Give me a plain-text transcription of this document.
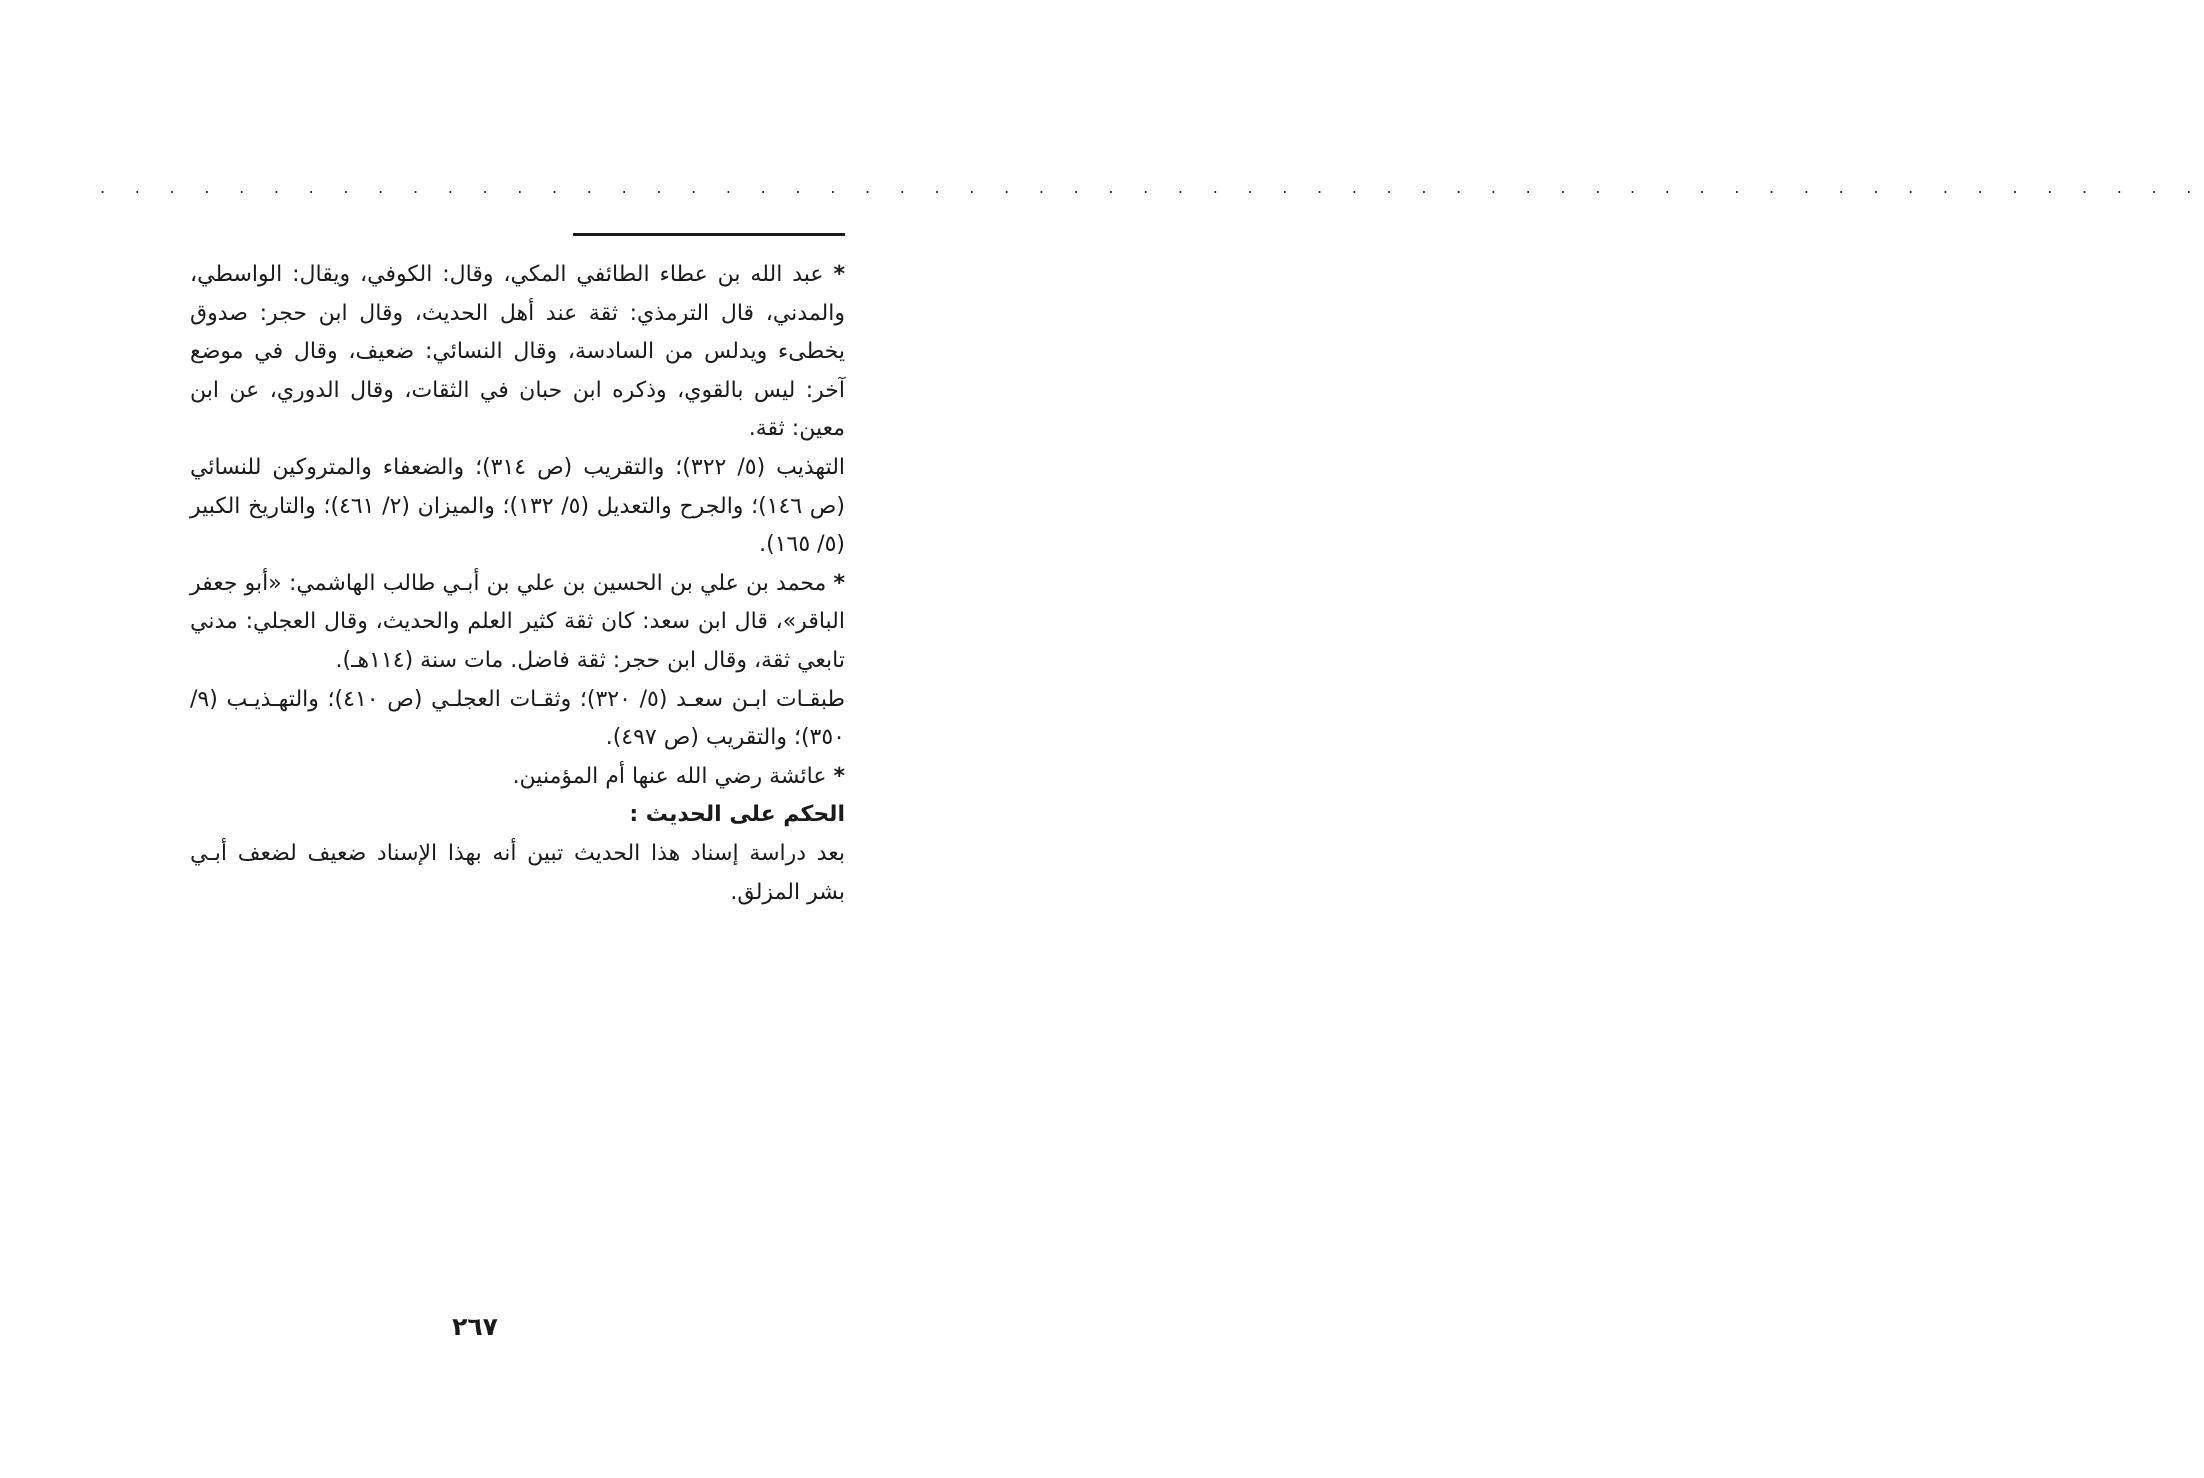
. . . . . . . . . . . . . . . . . . . . . . . . . . . . . . . . . . . . . . . . . . . . . . . . . . . . . . . . . . . . .

* عبد الله بن عطاء الطائفي المكي، وقال: الكوفي، ويقال: الواسطي، والمدني، قال الترمذي: ثقة عند أهل الحديث، وقال ابن حجر: صدوق يخطىء ويدلس من السادسة، وقال النسائي: ضعيف، وقال في موضع آخر: ليس بالقوي، وذكره ابن حبان في الثقات، وقال الدوري، عن ابن معين: ثقة.

التهذيب (٥/ ٣٢٢)؛ والتقريب (ص ٣١٤)؛ والضعفاء والمتروكين للنسائي (ص ١٤٦)؛ والجرح والتعديل (٥/ ١٣٢)؛ والميزان (٢/ ٤٦١)؛ والتاريخ الكبير (٥/ ١٦٥).

* محمد بن علي بن الحسين بن علي بن أبـي طالب الهاشمي: «أبو جعفر الباقر»، قال ابن سعد: كان ثقة كثير العلم والحديث، وقال العجلي: مدني تابعي ثقة، وقال ابن حجر: ثقة فاضل. مات سنة (١١٤هـ).

طبقـات ابـن سعـد (٥/ ٣٢٠)؛ وثقـات العجلـي (ص ٤١٠)؛ والتهـذيـب (٩/ ٣٥٠)؛ والتقريب (ص ٤٩٧).

* عائشة رضي الله عنها أم المؤمنين.

الحكم على الحديث :

بعد دراسة إسناد هذا الحديث تبين أنه بهذا الإسناد ضعيف لضعف أبـي بشر المزلق.

٢٦٧
